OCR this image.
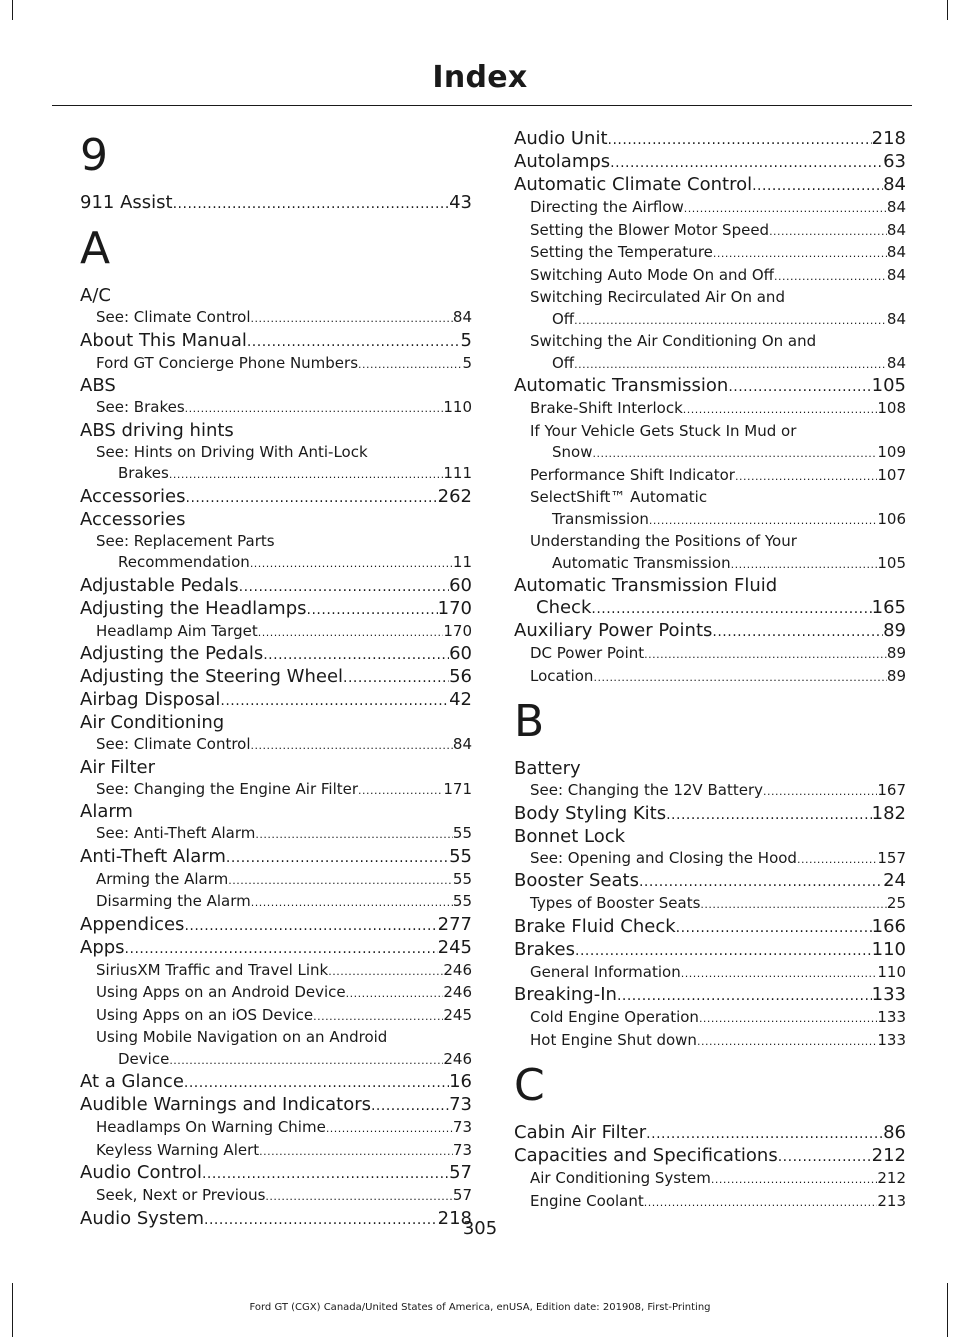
Index
9
911 Assist .....	43
A
A/C
See: Climate Control .....	84
About This Manual .....	5
Ford GT Concierge Phone Numbers .....	5
ABS
See: Brakes .....	110
ABS driving hints
See: Hints on Driving With Anti-Lock
Brakes .....	111
Accessories .....	262
Accessories
See: Replacement Parts
Recommendation .....	11
Adjustable Pedals .....	60
Adjusting the Headlamps .....	170
Headlamp Aim Target .....	170
Adjusting the Pedals .....	60
Adjusting the Steering Wheel .....	56
Airbag Disposal .....	42
Air Conditioning
See: Climate Control .....	84
Air Filter
See: Changing the Engine Air Filter .....	171
Alarm
See: Anti-Theft Alarm .....	55
Anti-Theft Alarm .....	55
Arming the Alarm .....	55
Disarming the Alarm .....	55
Appendices .....	277
Apps .....	245
SiriusXM Traffic and Travel Link .....	246
Using Apps on an Android Device .....	246
Using Apps on an iOS Device .....	245
Using Mobile Navigation on an Android
Device .....	246
At a Glance .....	16
Audible Warnings and Indicators .....	73
Headlamps On Warning Chime .....	73
Keyless Warning Alert .....	73
Audio Control .....	57
Seek, Next or Previous .....	57
Audio System .....	218
Audio Unit .....	218
Autolamps .....	63
Automatic Climate Control .....	84
Directing the Airflow .....	84
Setting the Blower Motor Speed .....	84
Setting the Temperature .....	84
Switching Auto Mode On and Off .....	84
Switching Recirculated Air On and
Off .....	84
Switching the Air Conditioning On and
Off .....	84
Automatic Transmission .....	105
Brake-Shift Interlock .....	108
If Your Vehicle Gets Stuck In Mud or
Snow .....	109
Performance Shift Indicator .....	107
SelectShift™ Automatic
Transmission .....	106
Understanding the Positions of Your
Automatic Transmission .....	105
Automatic Transmission Fluid
Check .....	165
Auxiliary Power Points .....	89
DC Power Point .....	89
Location .....	89
B
Battery
See: Changing the 12V Battery .....	167
Body Styling Kits .....	182
Bonnet Lock
See: Opening and Closing the Hood .....	157
Booster Seats .....	24
Types of Booster Seats .....	25
Brake Fluid Check .....	166
Brakes .....	110
General Information .....	110
Breaking-In .....	133
Cold Engine Operation .....	133
Hot Engine Shut down .....	133
C
Cabin Air Filter .....	86
Capacities and Specifications .....	212
Air Conditioning System .....	212
Engine Coolant .....	213
305
Ford GT (CGX) Canada/United States of America, enUSA, Edition date: 201908, First-Printing
